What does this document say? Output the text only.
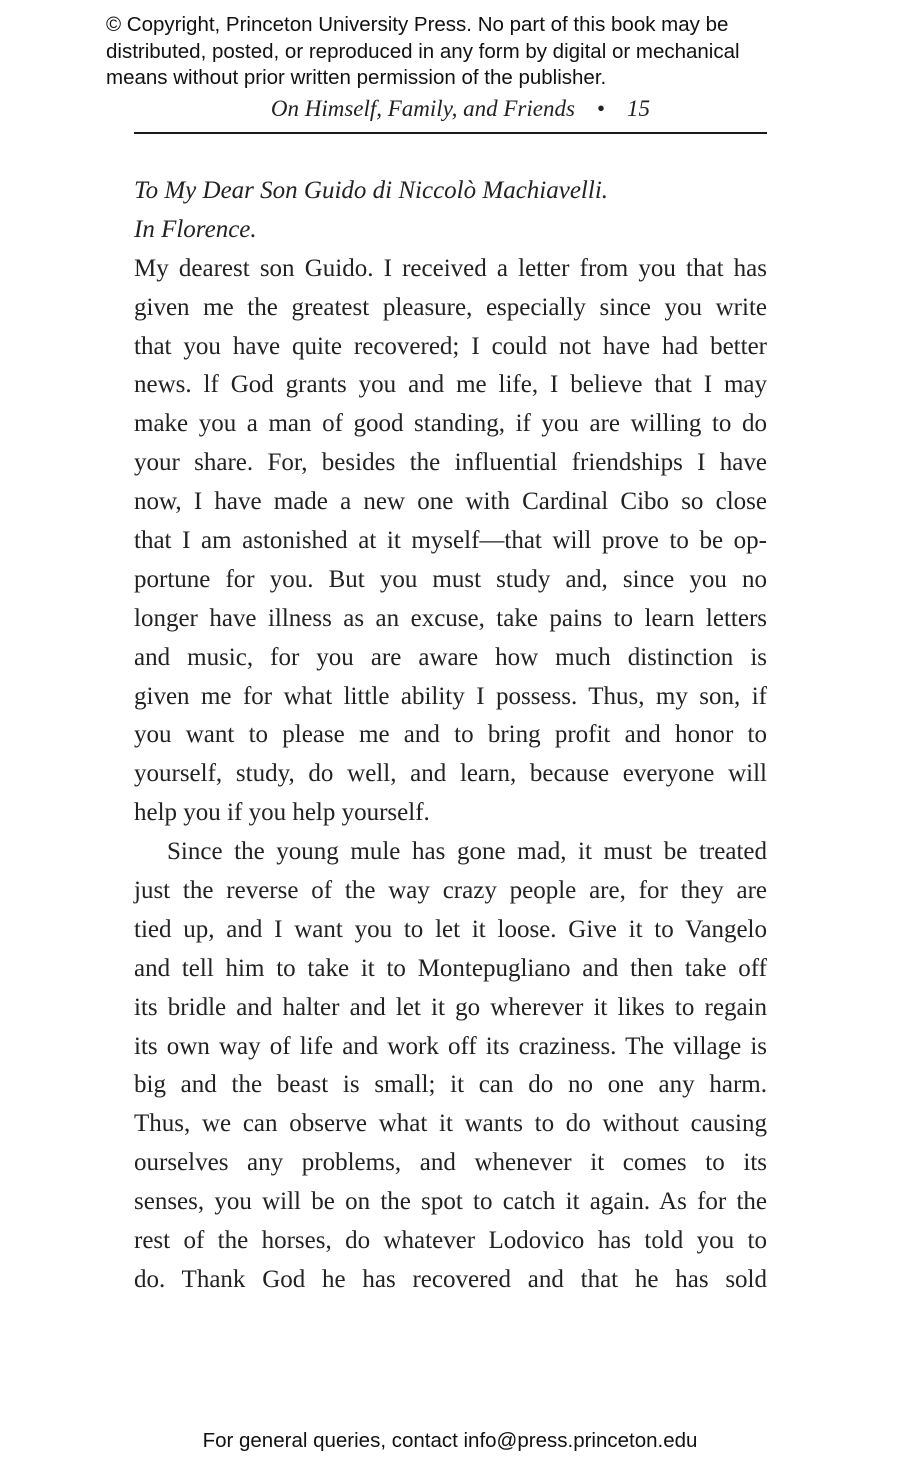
© Copyright, Princeton University Press. No part of this book may be
distributed, posted, or reproduced in any form by digital or mechanical
means without prior written permission of the publisher.
On Himself, Family, and Friends • 15
To My Dear Son Guido di Niccolò Machiavelli.
In Florence.
My dearest son Guido. I received a letter from you that has
given me the greatest pleasure, especially since you write
that you have quite recovered; I could not have had better
news. lf God grants you and me life, I believe that I may
make you a man of good standing, if you are willing to do
your share. For, besides the influential friendships I have
now, I have made a new one with Cardinal Cibo so close
that I am astonished at it myself—that will prove to be op-
portune for you. But you must study and, since you no
longer have illness as an excuse, take pains to learn letters
and music, for you are aware how much distinction is
given me for what little ability I possess. Thus, my son, if
you want to please me and to bring profit and honor to
yourself, study, do well, and learn, because everyone will
help you if you help yourself.
Since the young mule has gone mad, it must be treated
just the reverse of the way crazy people are, for they are
tied up, and I want you to let it loose. Give it to Vangelo
and tell him to take it to Montepugliano and then take off
its bridle and halter and let it go wherever it likes to regain
its own way of life and work off its craziness. The village is
big and the beast is small; it can do no one any harm.
Thus, we can observe what it wants to do without causing
ourselves any problems, and whenever it comes to its
senses, you will be on the spot to catch it again. As for the
rest of the horses, do whatever Lodovico has told you to
do. Thank God he has recovered and that he has sold
For general queries, contact info@press.princeton.edu
